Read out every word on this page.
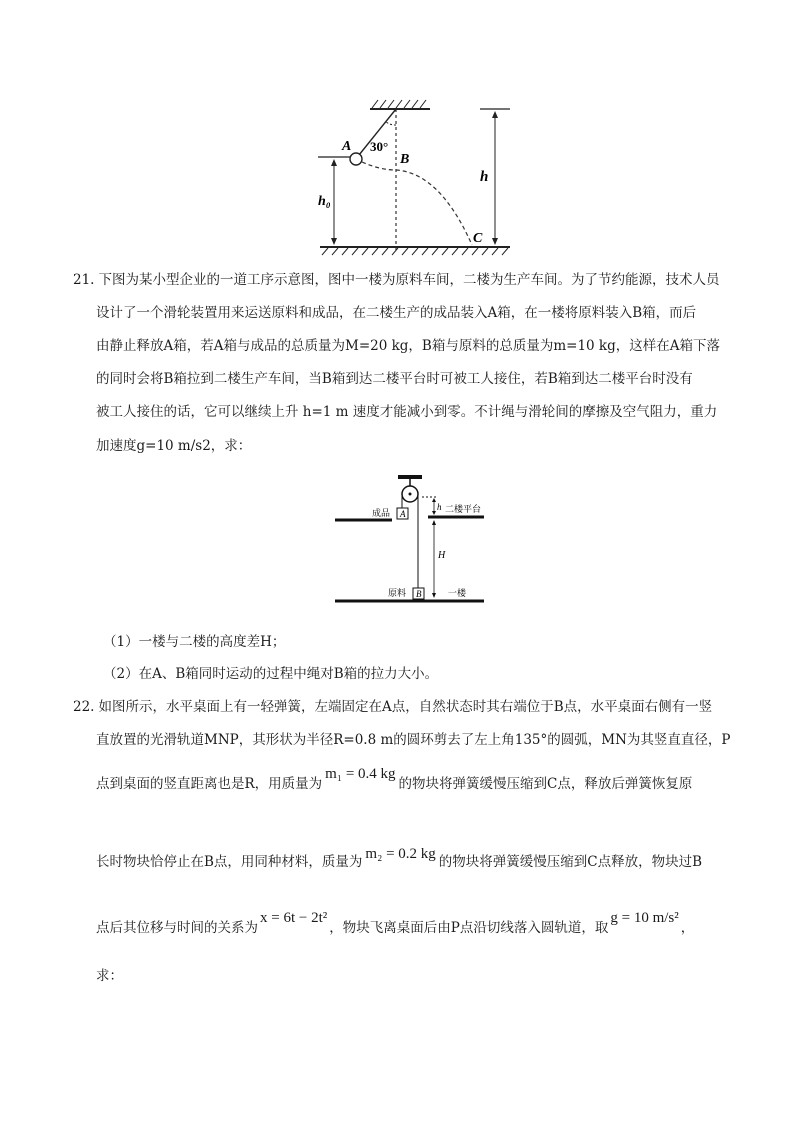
A 30°
B
h₀
C
h
21. 下图为某小型企业的一道工序示意图，图中一楼为原料车间，二楼为生产车间。为了节约能源，技术人员
设计了一个滑轮装置用来运送原料和成品，在二楼生产的成品装入A箱，在一楼将原料装入B箱，而后
由静止释放A箱，若A箱与成品的总质量为M=20 kg，B箱与原料的总质量为m=10 kg，这样在A箱下落
的同时会将B箱拉到二楼生产车间，当B箱到达二楼平台时可被工人接住，若B箱到达二楼平台时没有
被工人接住的话，它可以继续上升 h=1 m 速度才能减小到零。不计绳与滑轮间的摩擦及空气阻力，重力
加速度g=10 m/s2，求：
成品 A
h 二楼平台
H
原料 B	一楼
（1）一楼与二楼的高度差H；
（2）在A、B箱同时运动的过程中绳对B箱的拉力大小。
22. 如图所示，水平桌面上有一轻弹簧，左端固定在A点，自然状态时其右端位于B点，水平桌面右侧有一竖
直放置的光滑轨道MNP，其形状为半径R=0.8 m的圆环剪去了左上角135°的圆弧，MN为其竖直直径，P
点到桌面的竖直距离也是R，用质量为m₁ = 0.4 kg的物块将弹簧缓慢压缩到C点，释放后弹簧恢复原
长时物块恰停止在B点，用同种材料，质量为 m₂ = 0.2 kg 的物块将弹簧缓慢压缩到C点释放，物块过B
点后其位移与时间的关系为x = 6t − 2t²，物块飞离桌面后由P点沿切线落入圆轨道，取g = 10 m/s²，
求：
